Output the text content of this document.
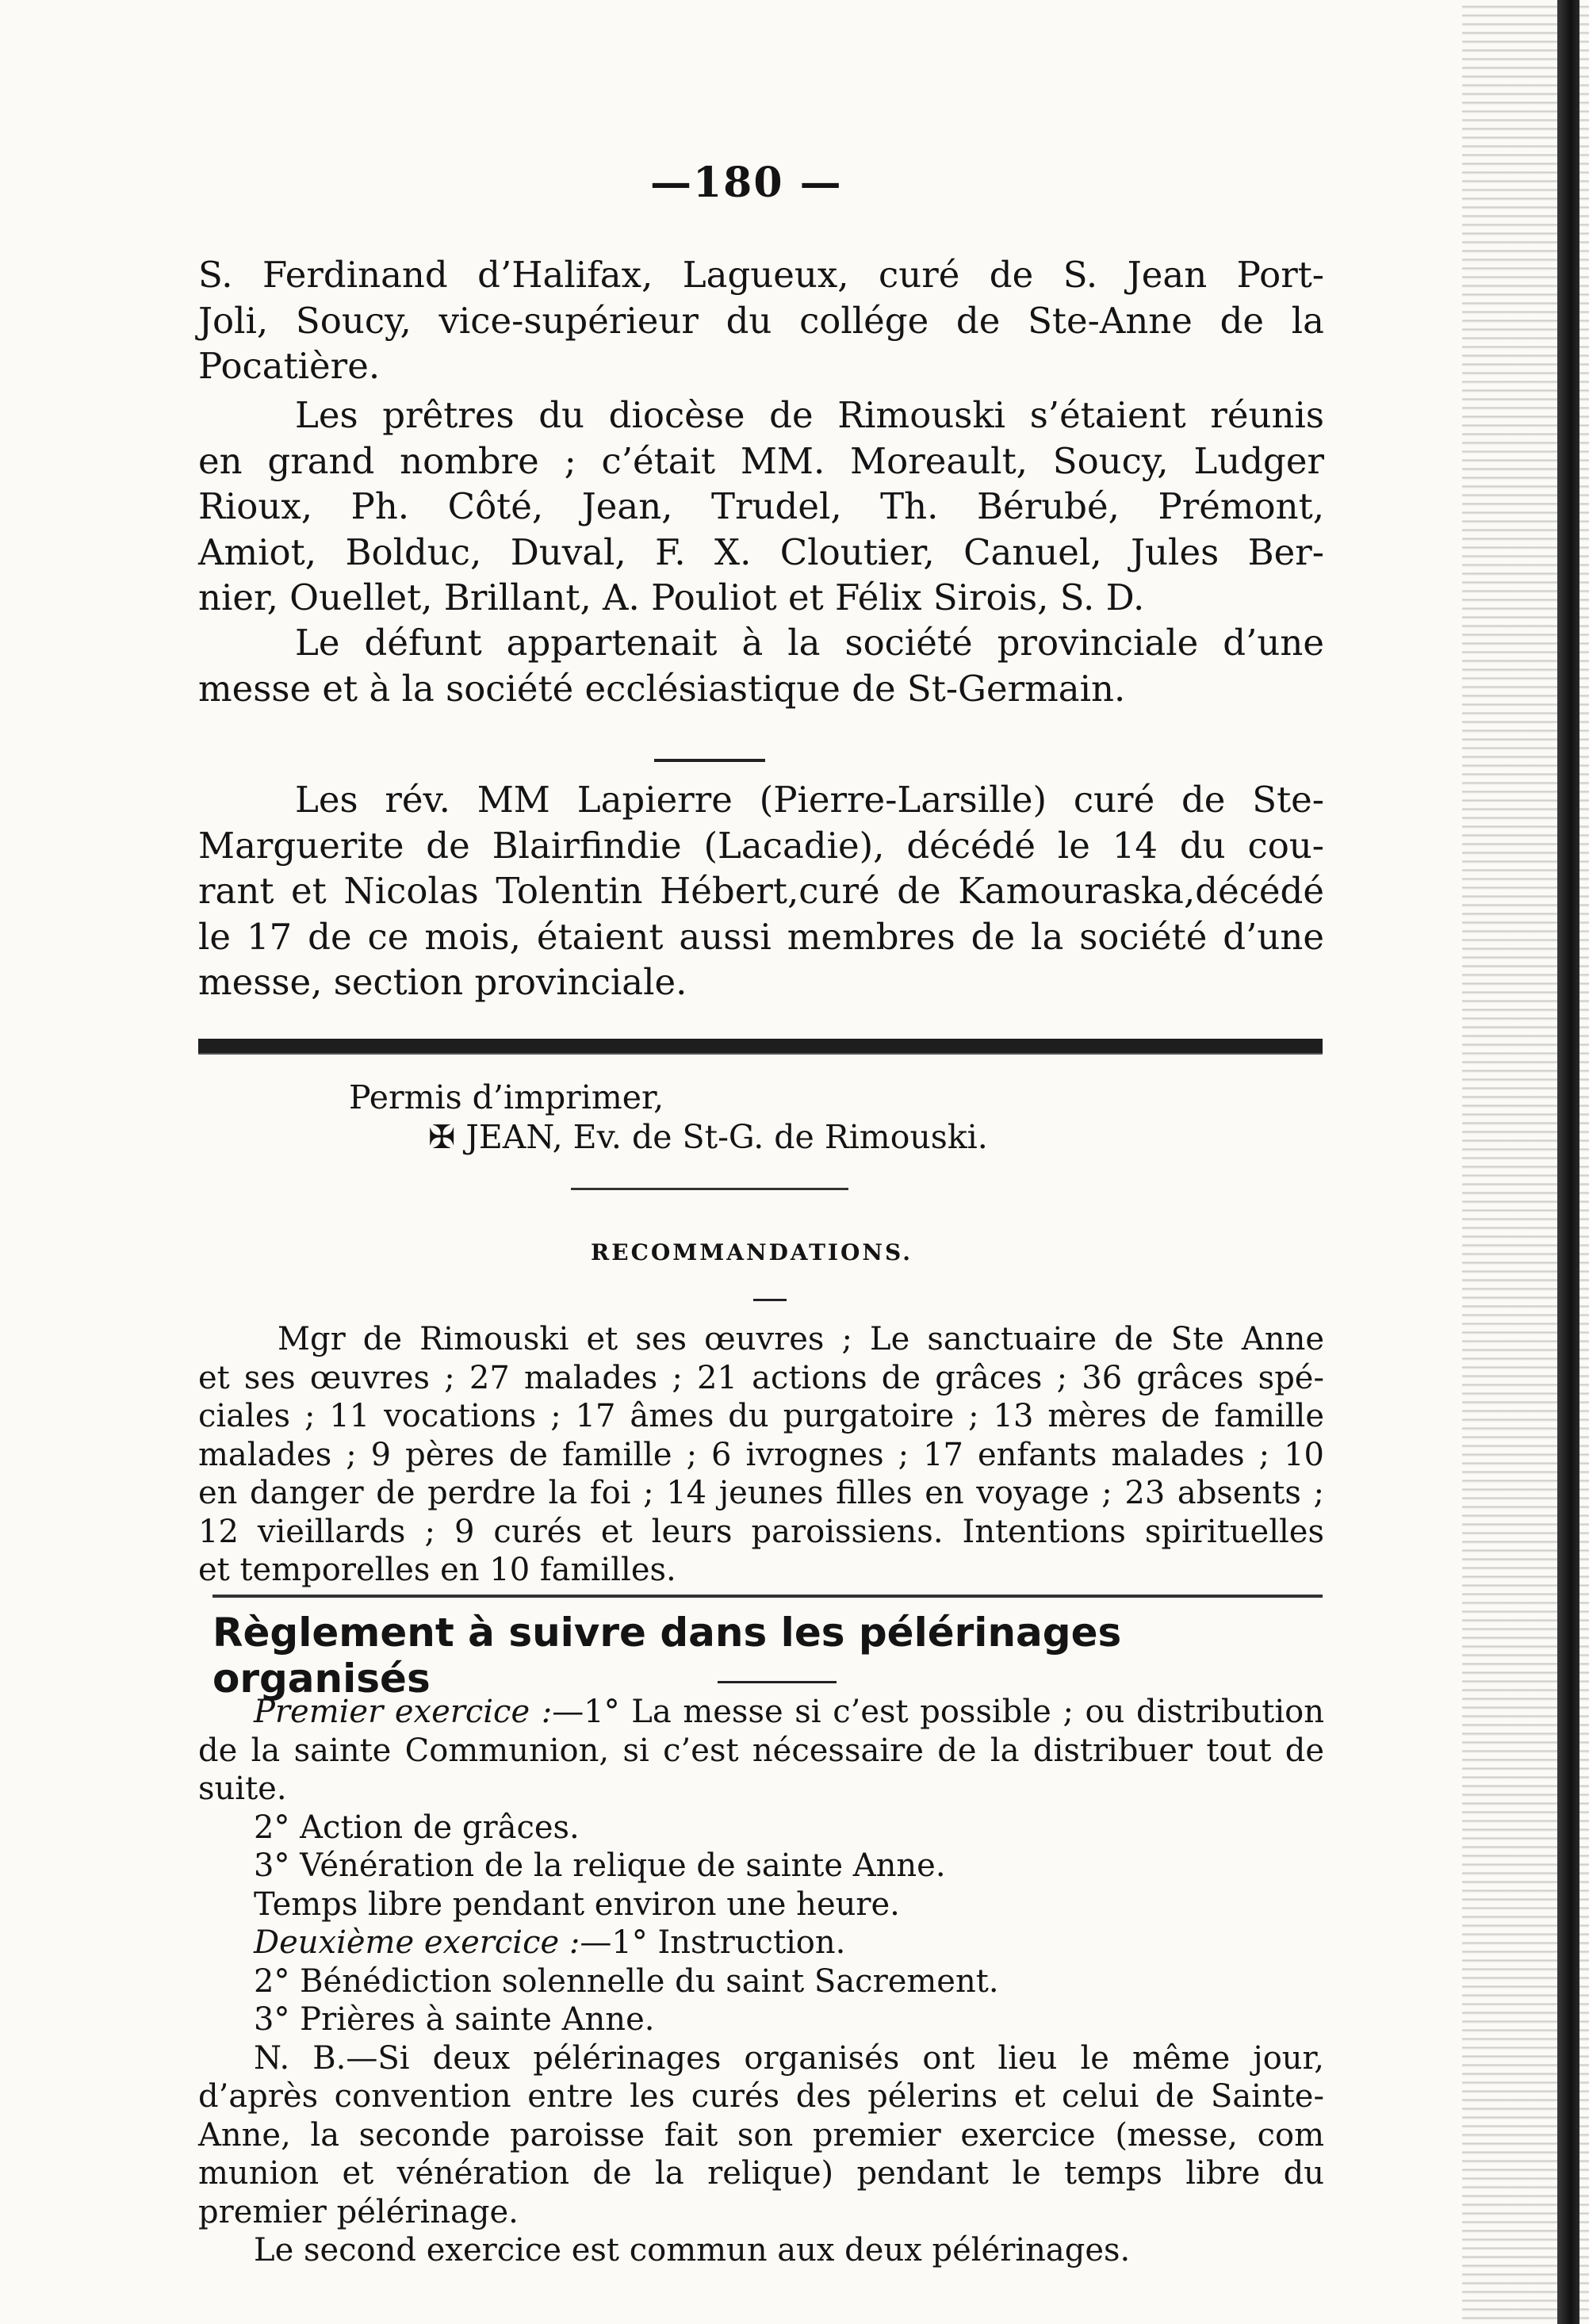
—180 —

S. Ferdinand d’Halifax, Lagueux, curé de S. Jean Port-
Joli, Soucy, vice-supérieur du collége de Ste-Anne de la
Pocatière.

Les prêtres du diocèse de Rimouski s’étaient réunis
en grand nombre ; c’était MM. Moreault, Soucy, Ludger
Rioux, Ph. Côté, Jean, Trudel, Th. Bérubé, Prémont,
Amiot, Bolduc, Duval, F. X. Cloutier, Canuel, Jules Ber-
nier, Ouellet, Brillant, A. Pouliot et Félix Sirois, S. D.

Le défunt appartenait à la société provinciale d’une
messe et à la société ecclésiastique de St-Germain.

Les rév. MM Lapierre (Pierre-Larsille) curé de Ste-
Marguerite de Blairfindie (Lacadie), décédé le 14 du cou-
rant et Nicolas Tolentin Hébert,curé de Kamouraska,décédé
le 17 de ce mois, étaient aussi membres de la société d’une
messe, section provinciale.

Permis d’imprimer,
✠ JEAN, Ev. de St-G. de Rimouski.
RECOMMANDATIONS.

Mgr de Rimouski et ses œuvres ; Le sanctuaire de Ste Anne
et ses œuvres ; 27 malades ; 21 actions de grâces ; 36 grâces spé-
ciales ; 11 vocations ; 17 âmes du purgatoire ; 13 mères de famille
malades ; 9 pères de famille ; 6 ivrognes ; 17 enfants malades ; 10
en danger de perdre la foi ; 14 jeunes filles en voyage ; 23 absents ;
12 vieillards ; 9 curés et leurs paroissiens. Intentions spirituelles
et temporelles en 10 familles.

Règlement à suivre dans les pélérinages organisés

Premier exercice :—1° La messe si c’est possible ; ou distribution
de la sainte Communion, si c’est nécessaire de la distribuer tout de
suite.
2° Action de grâces.
3° Vénération de la relique de sainte Anne.
Temps libre pendant environ une heure.
Deuxième exercice :—1° Instruction.
2° Bénédiction solennelle du saint Sacrement.
3° Prières à sainte Anne.
N. B.—Si deux pélérinages organisés ont lieu le même jour,
d’après convention entre les curés des pélerins et celui de Sainte-
Anne, la seconde paroisse fait son premier exercice (messe, com
munion et vénération de la relique) pendant le temps libre du
premier pélérinage.
Le second exercice est commun aux deux pélérinages.
